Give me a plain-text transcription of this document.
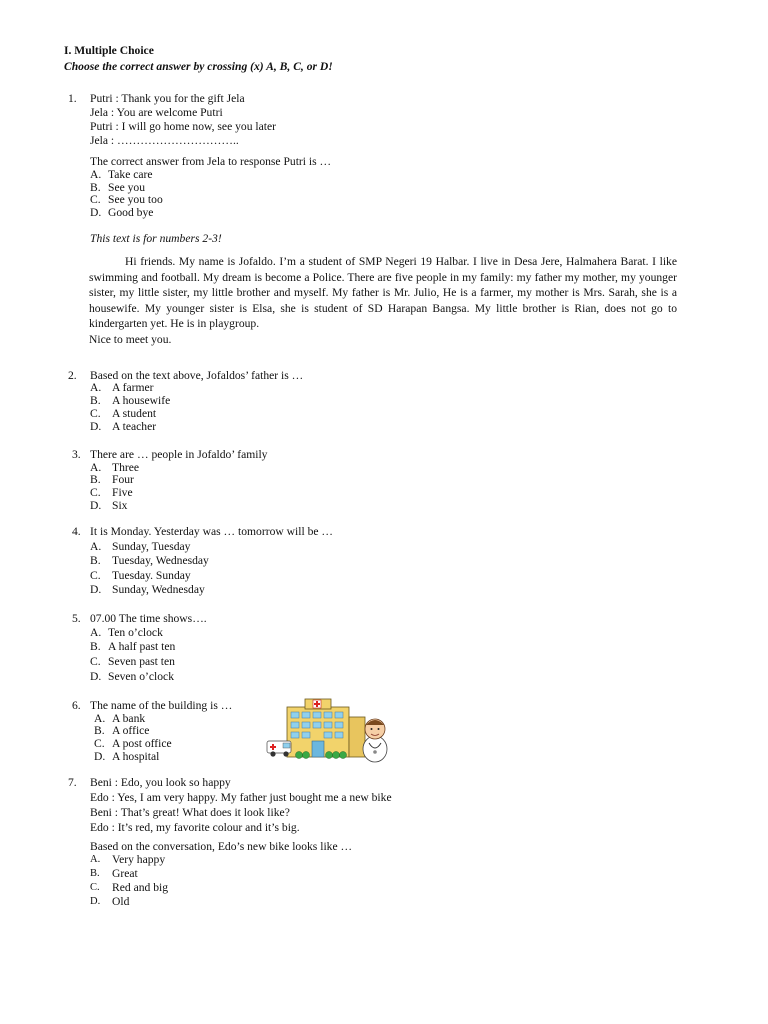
I. Multiple Choice
Choose the correct answer by crossing (x) A, B, C, or D!
1. Putri : Thank you for the gift Jela
Jela : You are welcome Putri
Putri : I will go home now, see you later
Jela : …………………………..
The correct answer from Jela to response Putri is …
A. Take care
B. See you
C. See you too
D. Good bye
This text is for numbers 2-3!

Hi friends. My name is Jofaldo. I’m a student of SMP Negeri 19 Halbar. I live in Desa Jere, Halmahera Barat. I like swimming and football. My dream is become a Police. There are five people in my family: my father my mother, my younger sister, my little sister, my little brother and myself. My father is Mr. Julio, He is a farmer, my mother is Mrs. Sarah, she is a housewife. My younger sister is Elsa, she is student of SD Harapan Bangsa. My little brother is Rian, does not go to kindergarten yet. He is in playgroup.

Nice to meet you.

2. Based on the text above, Jofaldos’ father is …
A. A farmer
B. A housewife
C. A student
D. A teacher
3. There are … people in Jofaldo’ family
A. Three
B. Four
C. Five
D. Six
4. It is Monday. Yesterday was … tomorrow will be …
A. Sunday, Tuesday
B. Tuesday, Wednesday
C. Tuesday. Sunday
D. Sunday, Wednesday
5. 07.00 The time shows….
A. Ten o’clock
B. A half past ten
C. Seven past ten
D. Seven o’clock
6. The name of the building is …
A. A bank
B. A office
C. A post office
D. A hospital
7. Beni : Edo, you look so happy
Edo : Yes, I am very happy. My father just bought me a new bike
Beni : That’s great! What does it look like?
Edo : It’s red, my favorite colour and it’s big.
Based on the conversation, Edo’s new bike looks like …
A. Very happy
B. Great
C. Red and big
D. Old
